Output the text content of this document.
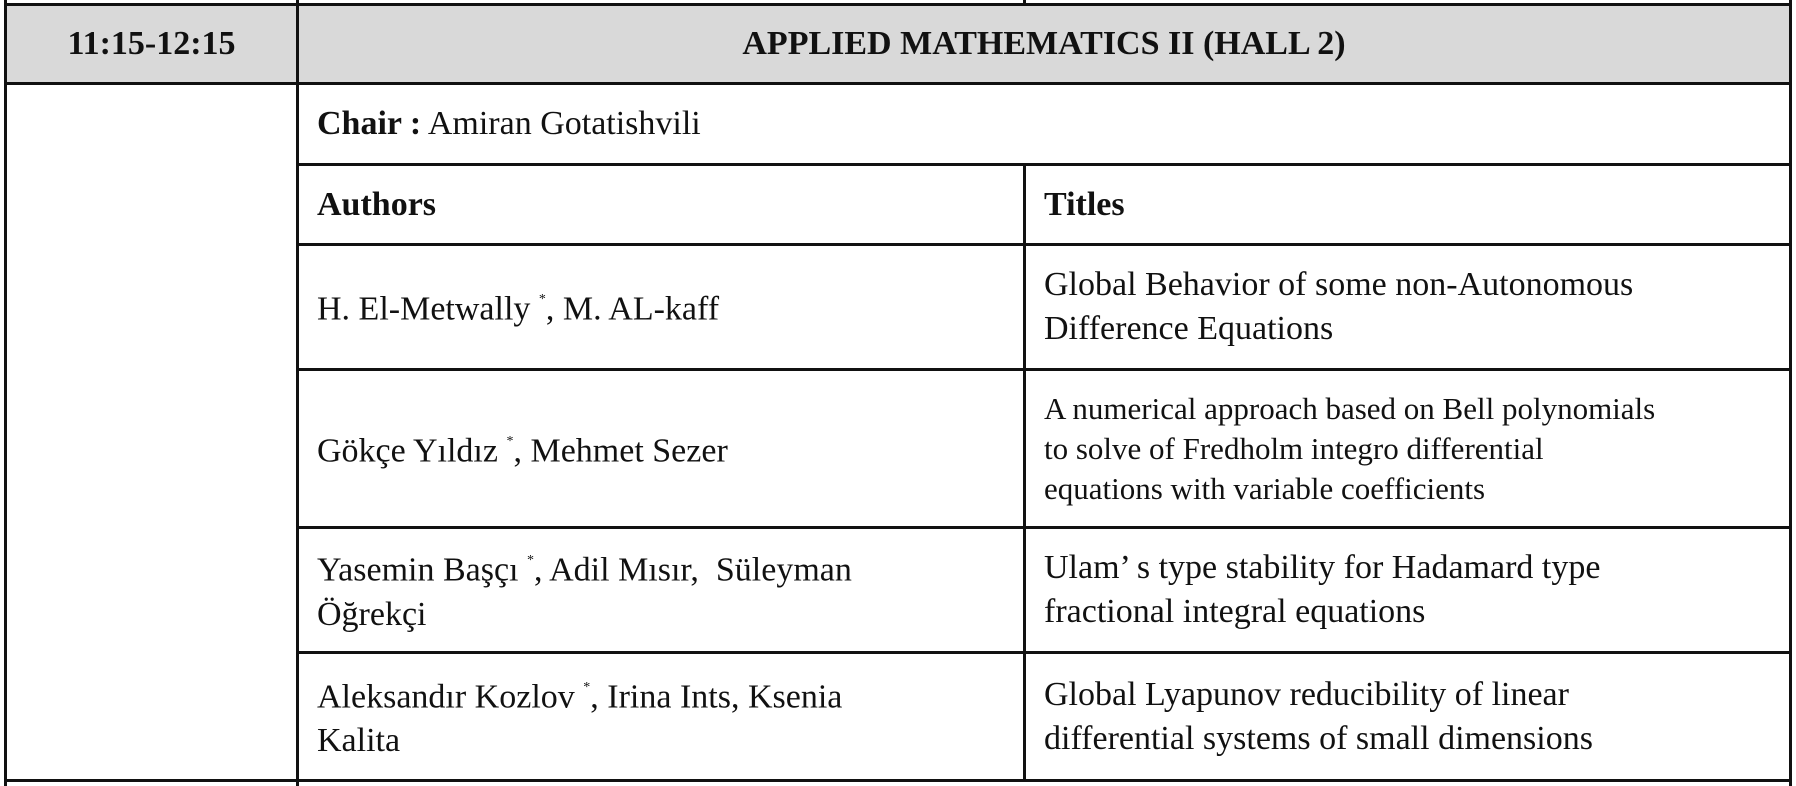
11:15-12:15	APPLIED MATHEMATICS II (HALL 2)
Chair : Amiran Gotatishvili
Authors	Titles
H. El-Metwally *, M. AL-kaff
Global Behavior of some non-Autonomous
Difference Equations
Gökçe Yıldız *, Mehmet Sezer
A numerical approach based on Bell polynomials
to solve of Fredholm integro differential
equations with variable coefficients
Yasemin Başçı *, Adil Mısır,  Süleyman
Öğrekçi
Ulam’ s type stability for Hadamard type
fractional integral equations
Aleksandır Kozlov *, Irina Ints, Ksenia
Kalita
Global Lyapunov reducibility of linear
differential systems of small dimensions
